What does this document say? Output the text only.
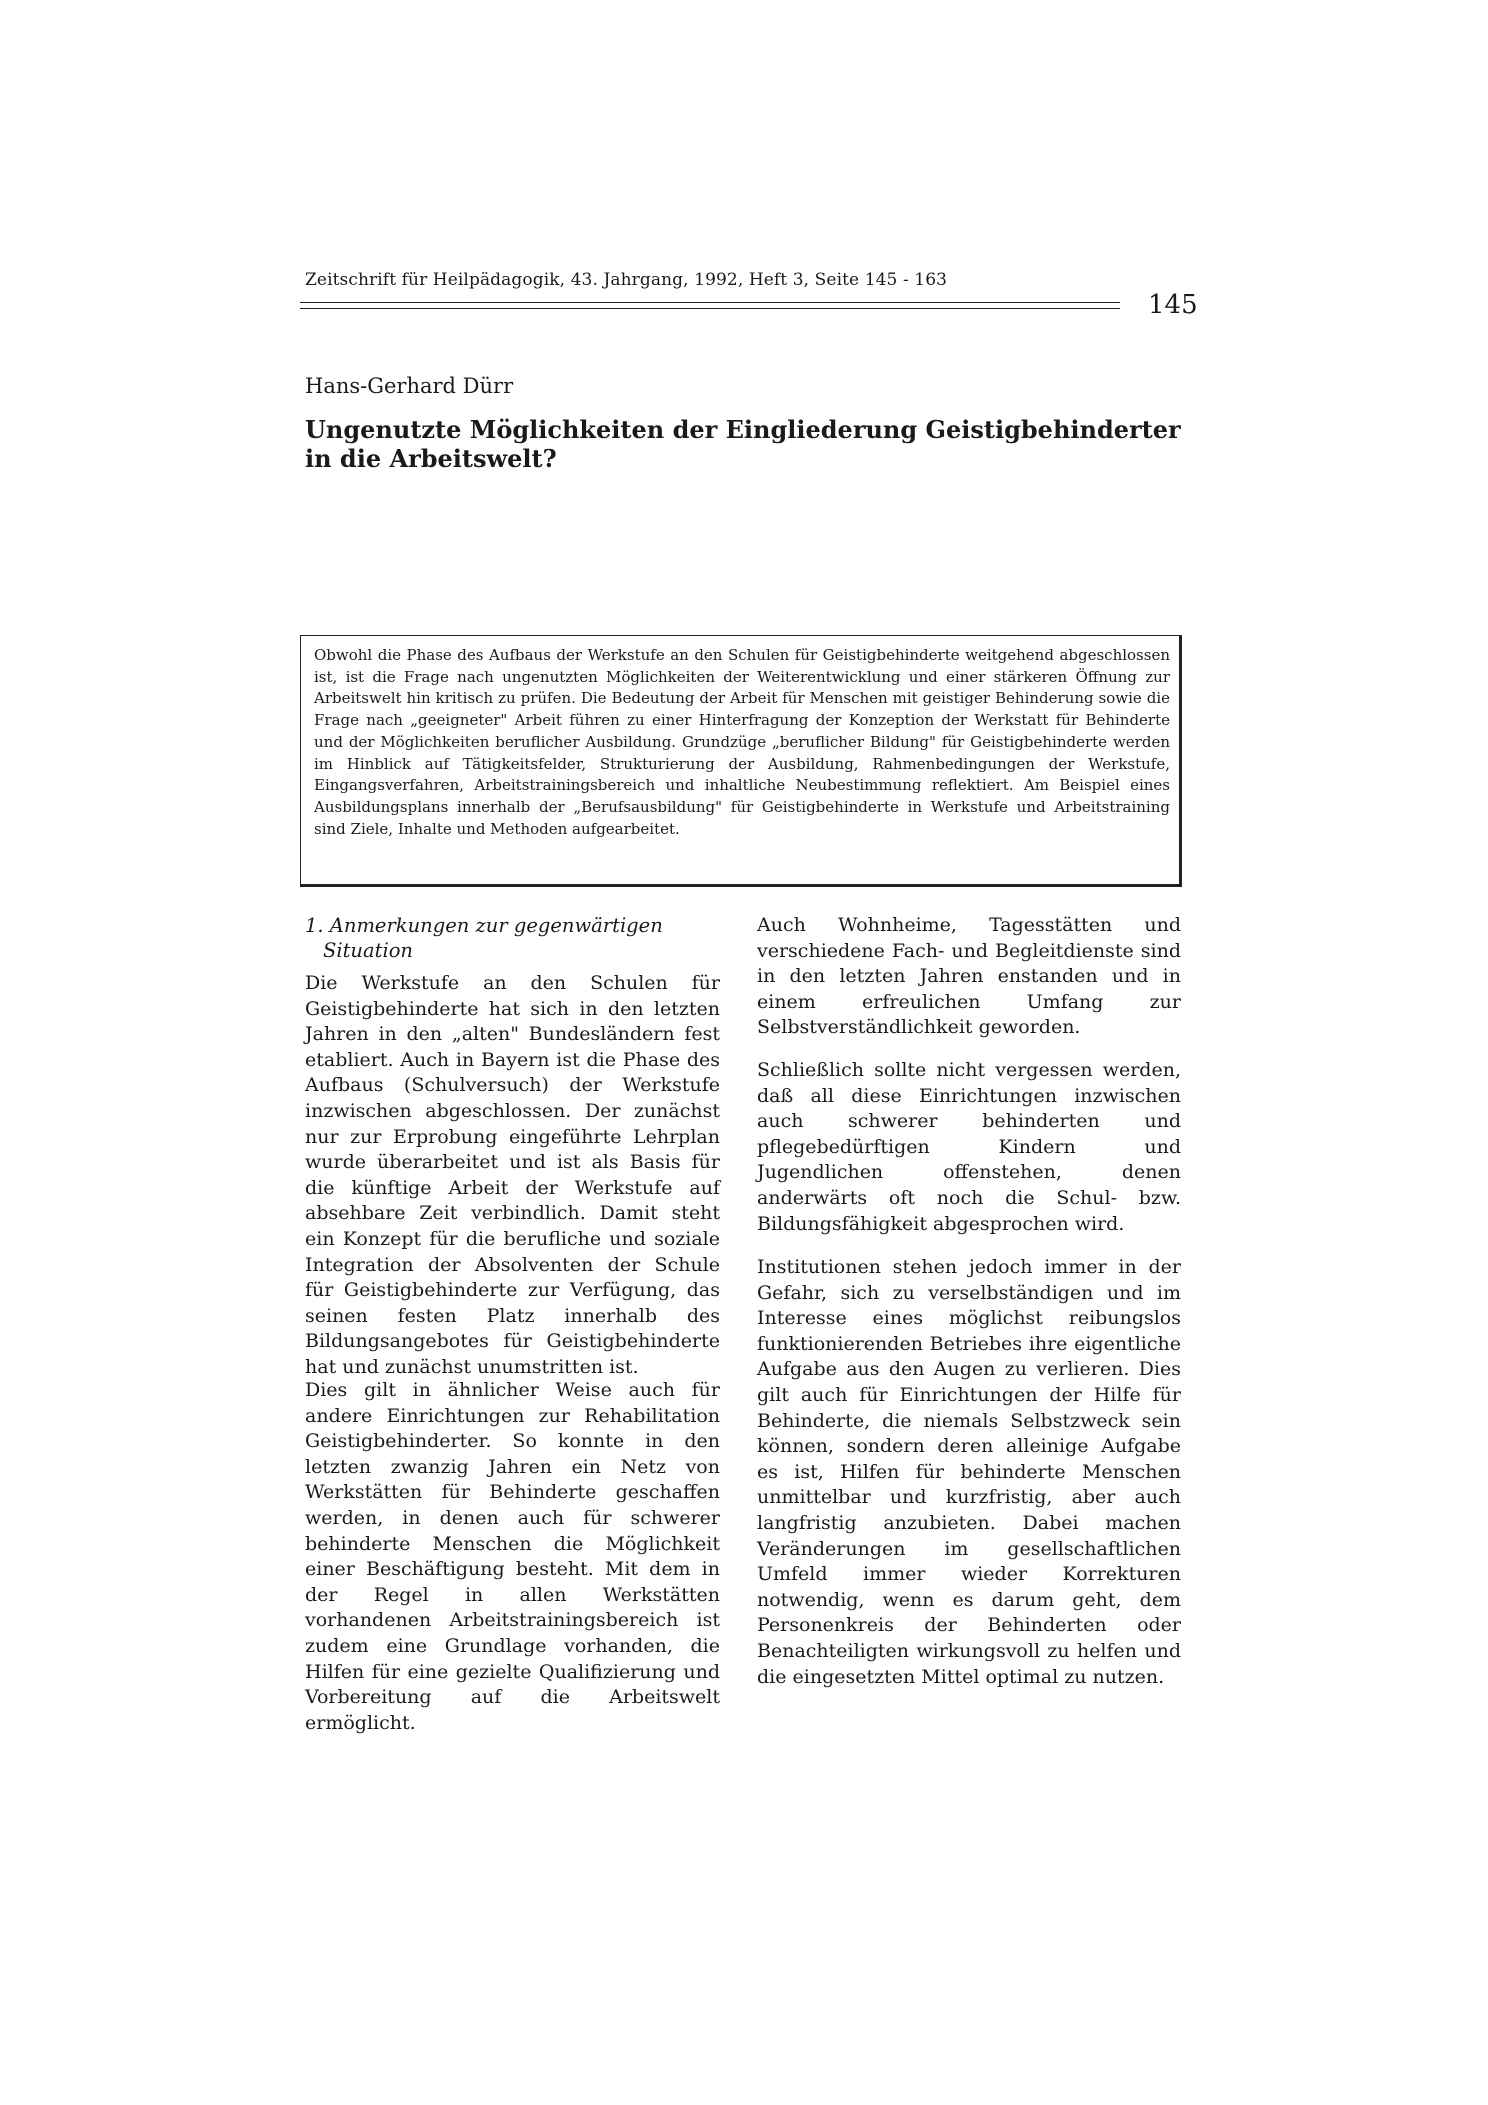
Zeitschrift für Heilpädagogik, 43. Jahrgang, 1992, Heft 3, Seite 145 - 163
145
Hans-Gerhard Dürr
Ungenutzte Möglichkeiten der Eingliederung Geistigbehinderter
in die Arbeitswelt?

Obwohl die Phase des Aufbaus der Werkstufe an den Schulen für Geistigbehinderte weitgehend abgeschlossen ist, ist die Frage nach ungenutzten Möglichkeiten der Weiterentwicklung und einer stärkeren Öffnung zur Arbeitswelt hin kritisch zu prüfen. Die Bedeutung der Arbeit für Menschen mit geistiger Behinderung sowie die Frage nach „geeigneter" Arbeit führen zu einer Hinterfragung der Konzeption der Werkstatt für Behinderte und der Möglichkeiten beruflicher Ausbildung. Grundzüge „beruflicher Bildung" für Geistigbehinderte werden im Hinblick auf Tätigkeitsfelder, Strukturierung der Ausbildung, Rahmenbedingungen der Werkstufe, Eingangsverfahren, Arbeitstrainingsbereich und inhaltliche Neubestimmung reflektiert. Am Beispiel eines Ausbildungsplans innerhalb der „Berufsausbildung" für Geistigbehinderte in Werkstufe und Arbeitstraining sind Ziele, Inhalte und Methoden aufgearbeitet.

1. Anmerkungen zur gegenwärtigen
Situation

Die Werkstufe an den Schulen für Geistigbehinderte hat sich in den letzten Jahren in den „alten" Bundesländern fest etabliert. Auch in Bayern ist die Phase des Aufbaus (Schulversuch) der Werkstufe inzwischen abgeschlossen. Der zunächst nur zur Erprobung eingeführte Lehrplan wurde überarbeitet und ist als Basis für die künftige Arbeit der Werkstufe auf absehbare Zeit verbindlich. Damit steht ein Konzept für die berufliche und soziale Integration der Absolventen der Schule für Geistigbehinderte zur Verfügung, das seinen festen Platz innerhalb des Bildungsangebotes für Geistigbehinderte hat und zunächst unumstritten ist.

Dies gilt in ähnlicher Weise auch für andere Einrichtungen zur Rehabilitation Geistigbehinderter. So konnte in den letzten zwanzig Jahren ein Netz von Werkstätten für Behinderte geschaffen werden, in denen auch für schwerer behinderte Menschen die Möglichkeit einer Beschäftigung besteht. Mit dem in der Regel in allen Werkstätten vorhandenen Arbeitstrainingsbereich ist zudem eine Grundlage vorhanden, die Hilfen für eine gezielte Qualifizierung und Vorbereitung auf die Arbeitswelt ermöglicht.

Auch Wohnheime, Tagesstätten und verschiedene Fach- und Begleitdienste sind in den letzten Jahren enstanden und in einem erfreulichen Umfang zur Selbstverständlichkeit geworden.

Schließlich sollte nicht vergessen werden, daß all diese Einrichtungen inzwischen auch schwerer behinderten und pflegebedürftigen Kindern und Jugendlichen offenstehen, denen anderwärts oft noch die Schul- bzw. Bildungsfähigkeit abgesprochen wird.

Institutionen stehen jedoch immer in der Gefahr, sich zu verselbständigen und im Interesse eines möglichst reibungslos funktionierenden Betriebes ihre eigentliche Aufgabe aus den Augen zu verlieren. Dies gilt auch für Einrichtungen der Hilfe für Behinderte, die niemals Selbstzweck sein können, sondern deren alleinige Aufgabe es ist, Hilfen für behinderte Menschen unmittelbar und kurzfristig, aber auch langfristig anzubieten. Dabei machen Veränderungen im gesellschaftlichen Umfeld immer wieder Korrekturen notwendig, wenn es darum geht, dem Personenkreis der Behinderten oder Benachteiligten wirkungsvoll zu helfen und die eingesetzten Mittel optimal zu nutzen.
